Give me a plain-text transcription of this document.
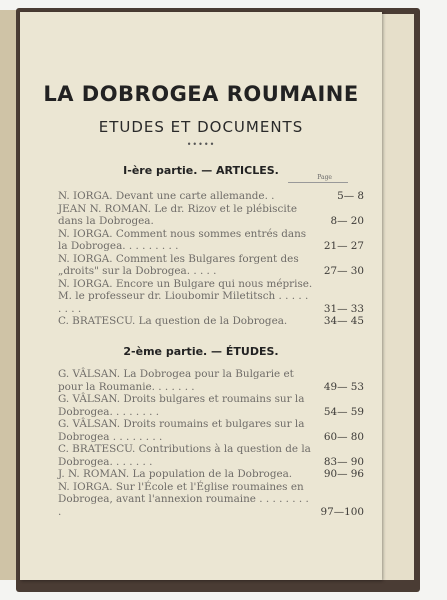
LA DOBROGEA ROUMAINE
ETUDES ET DOCUMENTS
•••••
I-ère partie. — ARTICLES.
Page
N. IORGA. Devant une carte allemande. .	5— 8
JEAN N. ROMAN. Le dr. Rizov et le plébiscite dans la Dobrogea.	8— 20
N. IORGA. Comment nous sommes entrés dans la Dobrogea. . . . . . . . .	21— 27
N. IORGA. Comment les Bulgares forgent des „droits" sur la Dobrogea. . . . .	27— 30
N. IORGA. Encore un Bulgare qui nous méprise. M. le professeur dr. Lioubomir Miletitsch . . . . . . . . .	31— 33
C. BRATESCU. La question de la Dobrogea.	34— 45
2-ème partie. — ÉTUDES.
G. VÂLSAN. La Dobrogea pour la Bulgarie et pour la Roumanie. . . . . . .	49— 53
G. VÂLSAN. Droits bulgares et roumains sur la Dobrogea. . . . . . . .	54— 59
G. VÂLSAN. Droits roumains et bulgares sur la Dobrogea . . . . . . . .	60— 80
C. BRATESCU. Contributions à la question de la Dobrogea. . . . . . .	83— 90
J. N. ROMAN. La population de la Dobrogea.	90— 96
N. IORGA. Sur l'École et l'Église roumaines en Dobrogea, avant l'annexion roumaine . . . . . . . . .	97—100
